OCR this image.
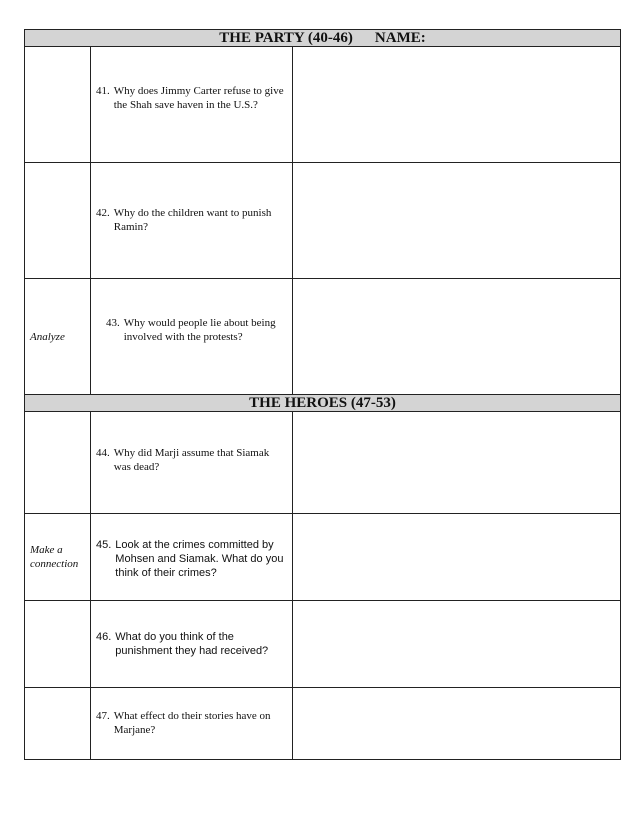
THE PARTY (40-46) NAME:		

	41. Why does Jimmy Carter refuse to give the Shah save haven in the U.S.?	

	42. Why do the children want to punish Ramin?	

Analyze	43. Why would people lie about being involved with the protests?	

THE HEROES (47-53)		

	44. Why did Marji assume that Siamak was dead?	

Make a connection	45. Look at the crimes committed by Mohsen and Siamak. What do you think of their crimes?	

	46. What do you think of the punishment they had received?	

	47. What effect do their stories have on Marjane?	
